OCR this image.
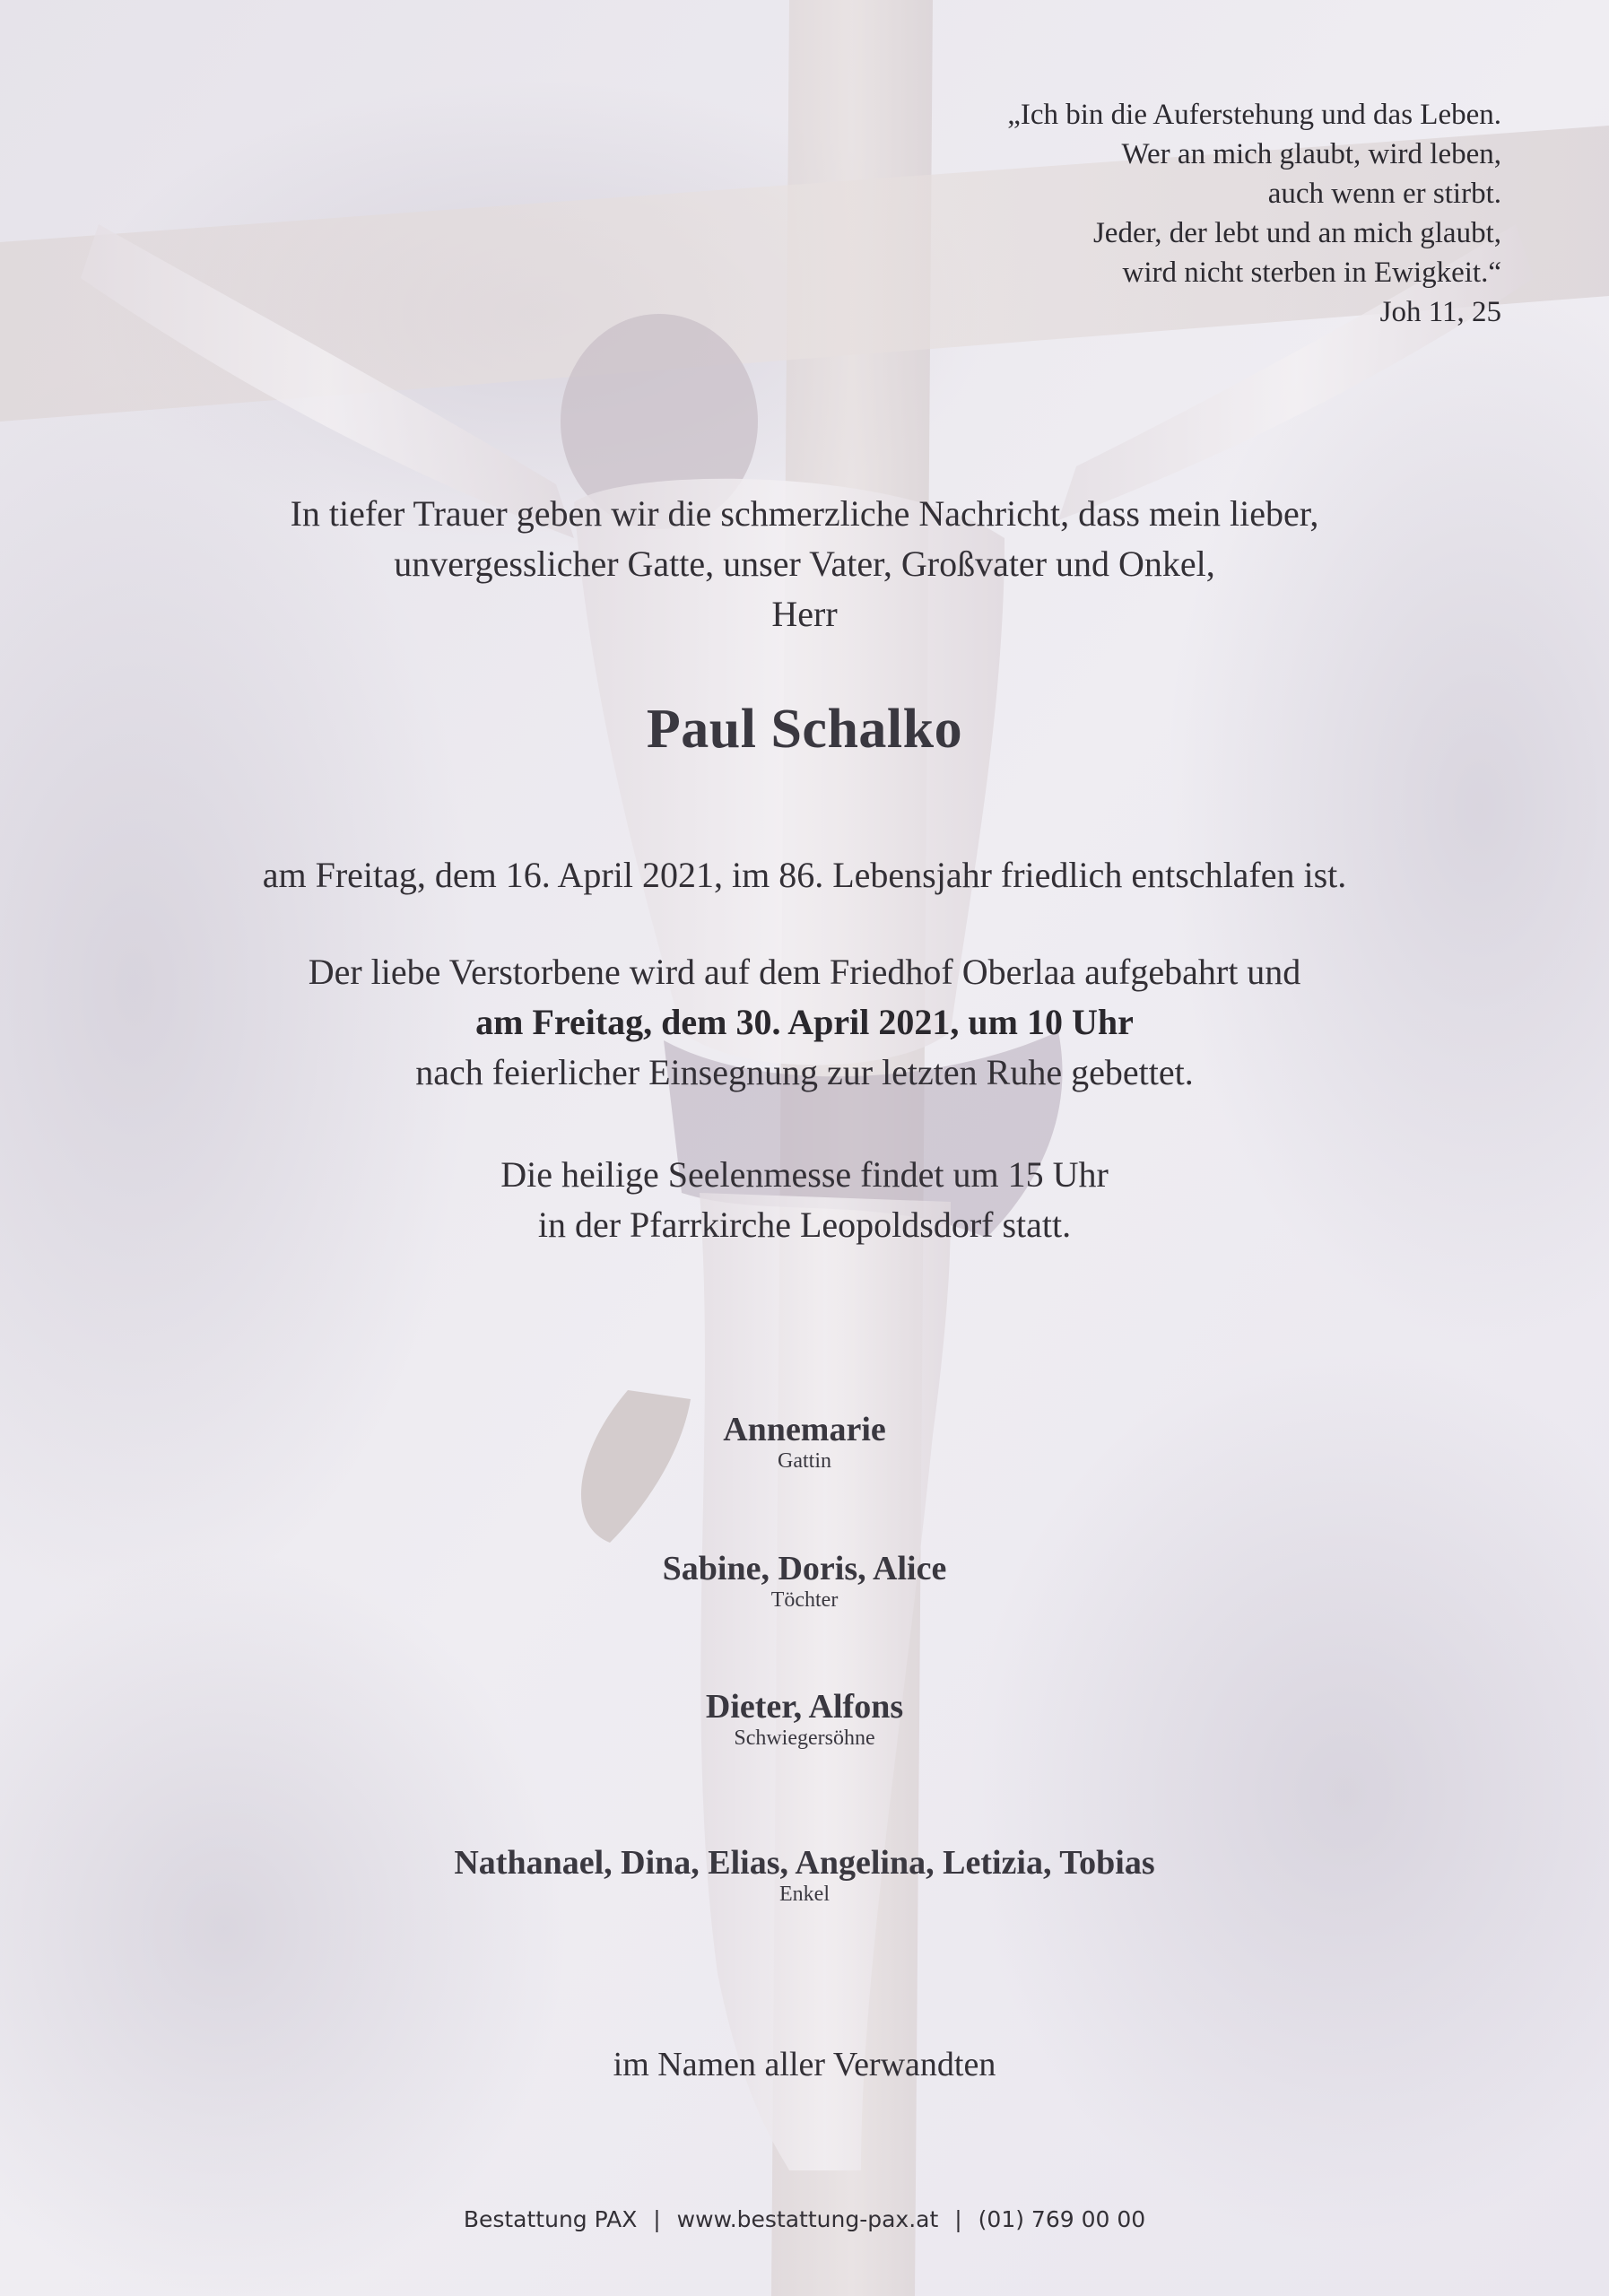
„Ich bin die Auferstehung und das Leben.
Wer an mich glaubt, wird leben,
auch wenn er stirbt.
Jeder, der lebt und an mich glaubt,
wird nicht sterben in Ewigkeit.“
Joh 11, 25
In tiefer Trauer geben wir die schmerzliche Nachricht, dass mein lieber,
unvergesslicher Gatte, unser Vater, Großvater und Onkel,
Herr
Paul Schalko
am Freitag, dem 16. April 2021, im 86. Lebensjahr friedlich entschlafen ist.
Der liebe Verstorbene wird auf dem Friedhof Oberlaa aufgebahrt und
am Freitag, dem 30. April 2021, um 10 Uhr
nach feierlicher Einsegnung zur letzten Ruhe gebettet.
Die heilige Seelenmesse findet um 15 Uhr
in der Pfarrkirche Leopoldsdorf statt.
Annemarie
Gattin
Sabine, Doris, Alice
Töchter
Dieter, Alfons
Schwiegersöhne
Nathanael, Dina, Elias, Angelina, Letizia, Tobias
Enkel
im Namen aller Verwandten
Bestattung PAX | www.bestattung-pax.at | (01) 769 00 00
